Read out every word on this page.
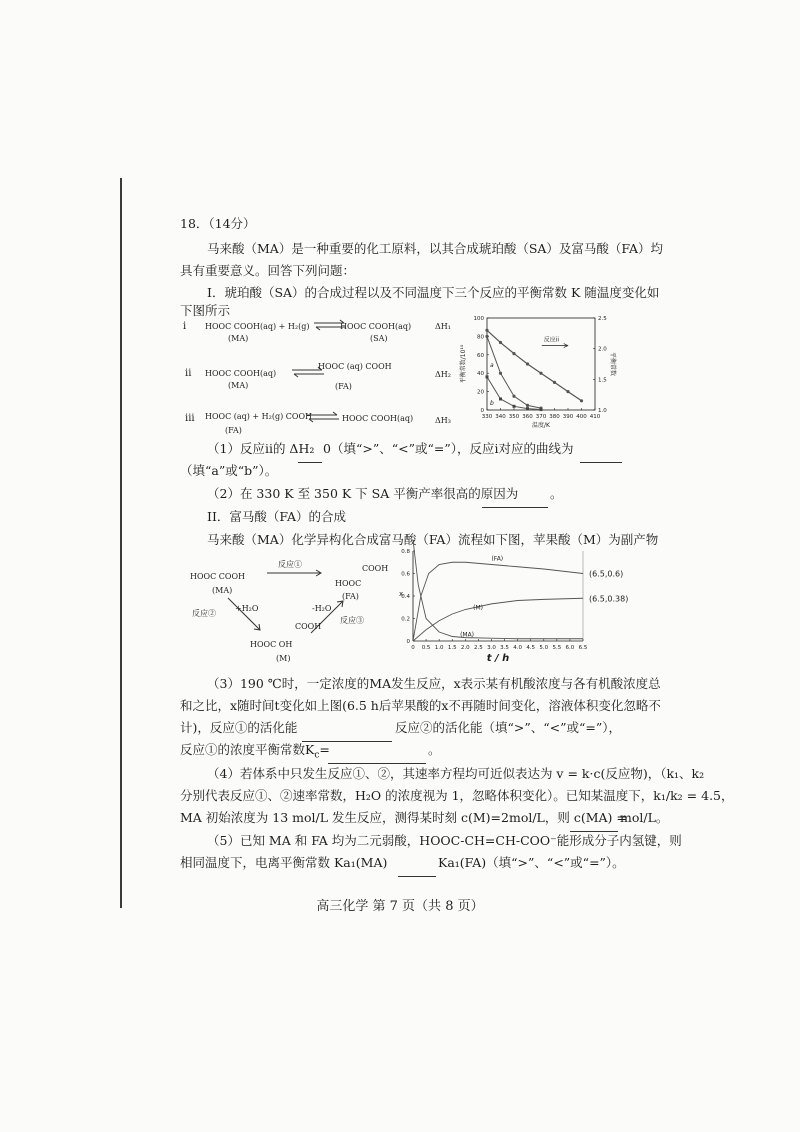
18．（14分）
马来酸（MA）是一种重要的化工原料，以其合成琥珀酸（SA）及富马酸（FA）均
具有重要意义。回答下列问题：
I．琥珀酸（SA）的合成过程以及不同温度下三个反应的平衡常数 K 随温度变化如
下图所示
i HOOC COOH(aq) + H₂(g)
(MA)
HOOC COOH(aq)
(SA)
ΔH₁
ii HOOC COOH(aq)
(MA)
HOOC (aq) COOH
(FA)
ΔH₂
iii HOOC (aq) + H₂(g) COOH
(FA)
⇌ HOOC COOH(aq)	ΔH₃	330 340 350 360 370 380 390 400 410
0
20
40
60
80
100
1.0
1.5
2.0
2.5
温度/K
平衡常数/10¹⁰	平衡常数
a
b
反应ii
（1）反应ii的 ΔH₂ 0（填“>”、“<”或“=”），反应i对应的曲线为
（填“a”或“b”）。
（2）在 330 K 至 350 K 下 SA 平衡产率很高的原因为	。
II．富马酸（FA）的合成
马来酸（MA）化学异构化合成富马酸（FA）流程如下图，苹果酸（M）为副产物
HOOC COOH
(MA)
反应①	COOH
HOOC
(FA)
反应②
+H₂O	-H₂O
反应③
COOH
HOOC OH
(M)
0 0.5 1.0 1.5 2.0 2.5 3.0 3.5 4.0 4.5 5.0 5.5 6.0 6.5
0
0.2
0.4
0.6
0.8
x
t / h
(FA)
(M)
(MA)
(6.5,0.6)
(6.5,0.38)
（3）190 ℃时，一定浓度的MA发生反应，x表示某有机酸浓度与各有机酸浓度总
和之比，x随时间t变化如上图(6.5 h后苹果酸的x不再随时间变化，溶液体积变化忽略不
计)，反应①的活化能	反应②的活化能（填“>”、“<”或“=”），
反应①的浓度平衡常数$K_c=$	。
（4）若体系中只发生反应①、②，其速率方程均可近似表达为 v = k·c(反应物)，（k₁、k₂
分别代表反应①、②速率常数，H₂O 的浓度视为 1，忽略体积变化）。已知某温度下，k₁/k₂ = 4.5，
MA 初始浓度为 13 mol/L 发生反应，测得某时刻 c(M)=2mol/L，则 c(MA) =
mol/L。
（5）已知 MA 和 FA 均为二元弱酸，HOOC-CH=CH-COO⁻能形成分子内氢键，则
相同温度下，电离平衡常数 Ka₁(MA)	Ka₁(FA)（填“>”、“<”或“=”）。
高三化学 第 7 页（共 8 页）
